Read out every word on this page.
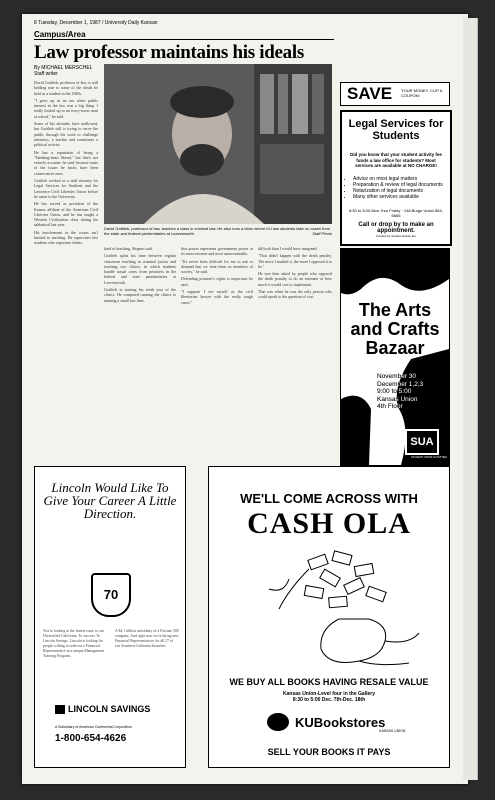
8 Tuesday, December 1, 1987 / University Daily Kansan
Campus/Area
Law professor maintains his ideals
By MICHAEL MERSCHEL
Staff writer

David Gottlieb, professor of law, is still holding true to some of the ideals he held as a student in the 1960s.

"I grew up in an era when public interest in the law was a big thing. I really looked up to an ivory-tower man at school," he said.

Some of his attitudes have mellowed, but Gottlieb still is trying to serve the public through his work to challenge attorneys, a teacher and sometimes a political activist.

He has a reputation of being a "bleeding-heart liberal," but that's not entirely accurate, he said, because some of the issues he backs have been conservative ones.

Gottlieb worked as a staff attorney for Legal Services for Students and the Lawrence Civil Liberties Union before he came to the University.

He has served as president of the Kansas affiliate of the American Civil Liberties Union, and he has taught a Western Civilization class during his sabbatical last year.

His involvement in the courts isn't limited to teaching. He supervises law students who represent clients.

David Gottlieb, professor of law, teaches a class in criminal law. He also runs a clinic where KU law students take on cases from the state and federal penitentiaries at Leavenworth.	Staff Photo

kind of teaching, Shapiro said.

Gottlieb splits his time between regular classroom teaching in criminal justice and teaching two clinics, in which students handle actual cases from prisoners in the federal and state penitentiaries at Leavenworth.

Gottlieb is starting his tenth year of the clinics. He compared running the clinics to running a small law firm.

that prison represents government power at its most extreme and most unaccountable.

"It's never been difficult for me to ask or demand that we treat them as members of society," he said.

Defending prisoner's rights is important, he said.

"I suppose I see myself as the civil libertarian lawyer with the really tough cases."

difficult than I would have imagined.

"That didn't happen with the death penalty. The more I studied it, the more I opposed it to be."

He was then asked by people who opposed the death penalty to do an estimate of how much it would cost to implement.

That was when he was the only person who could speak to the question of cost.

SAVE YOUR MONEY. CLIP A COUPON!
Legal Services for Students
Did you know that your student activity fee funds a law office for students? Most services are available at NO CHARGE!
• Advice on most legal matters
• Preparation & review of legal documents
• Notarization of legal documents
• Many other services available
8:30 to 5:00 Mon. thru Friday · 148 Burge Union 864-5665
Call or drop by to make an appointment.
Funded by student activity fee
The Arts and Crafts Bazaar
November 30
December 1,2,3
9:00 to 5:00
Kansas Union
4th Floor
SUA
STUDENT UNION ACTIVITIES
Lincoln Would Like To Give Your Career A Little Direction.
70
You're looking at the fastest route to our Diversified California. To success. To Lincoln Savings. Lincoln is looking for people willing to seek out a Financial Representative in a unique Management Training Program.
A $4.1 billion subsidiary of a Fortune 500 company. And right now we're hiring new Financial Representatives for all 27 of our Southern California branches.
LINCOLN SAVINGS
A Subsidiary of American Continental Corporation
1-800-654-4626
WE'LL COME ACROSS WITH
CASH OLA
WE BUY ALL BOOKS HAVING RESALE VALUE
Kansas Union-Level four in the Gallery
8:30 to 5:00 Dec. 7th-Dec. 18th
KUBookstores
KANSAS UNION
SELL YOUR BOOKS IT PAYS
